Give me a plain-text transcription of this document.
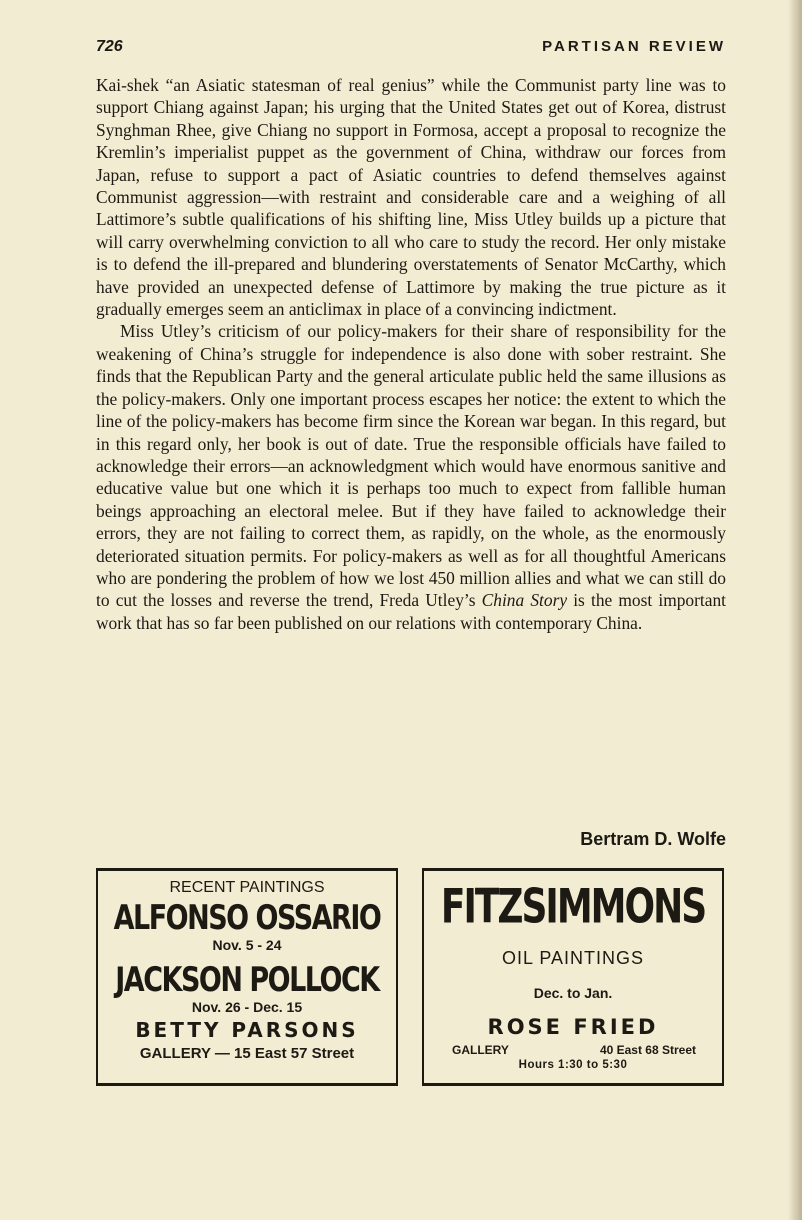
726	PARTISAN REVIEW

Kai-shek “an Asiatic statesman of real genius” while the Communist party line was to support Chiang against Japan; his urging that the United States get out of Korea, distrust Synghman Rhee, give Chiang no support in Formosa, accept a proposal to recognize the Kremlin’s imperialist puppet as the government of China, withdraw our forces from Japan, refuse to support a pact of Asiatic countries to defend themselves against Communist aggression—with restraint and considerable care and a weighing of all Lattimore’s subtle qualifications of his shifting line, Miss Utley builds up a picture that will carry overwhelming conviction to all who care to study the record. Her only mistake is to defend the ill-prepared and blundering overstatements of Senator McCarthy, which have provided an unexpected defense of Lattimore by making the true picture as it gradually emerges seem an anticlimax in place of a convincing indictment.

Miss Utley’s criticism of our policy-makers for their share of responsibility for the weakening of China’s struggle for independence is also done with sober restraint. She finds that the Republican Party and the general articulate public held the same illusions as the policy-makers. Only one important process escapes her notice: the extent to which the line of the policy-makers has become firm since the Korean war began. In this regard, but in this regard only, her book is out of date. True the responsible officials have failed to acknowledge their errors—an acknowledgment which would have enormous sanitive and educative value but one which it is perhaps too much to expect from fallible human beings approaching an electoral melee. But if they have failed to acknowledge their errors, they are not failing to correct them, as rapidly, on the whole, as the enormously deteriorated situation permits. For policy-makers as well as for all thoughtful Americans who are pondering the problem of how we lost 450 million allies and what we can still do to cut the losses and reverse the trend, Freda Utley’s China Story is the most important work that has so far been published on our relations with contemporary China.

Bertram D. Wolfe
RECENT PAINTINGS
ALFONSO OSSARIO
Nov. 5 - 24
JACKSON POLLOCK
Nov. 26 - Dec. 15
BETTY PARSONS
GALLERY — 15 East 57 Street
FITZSIMMONS
OIL PAINTINGS
Dec. to Jan.
ROSE FRIED
GALLERY	40 East 68 Street
Hours 1:30 to 5:30
